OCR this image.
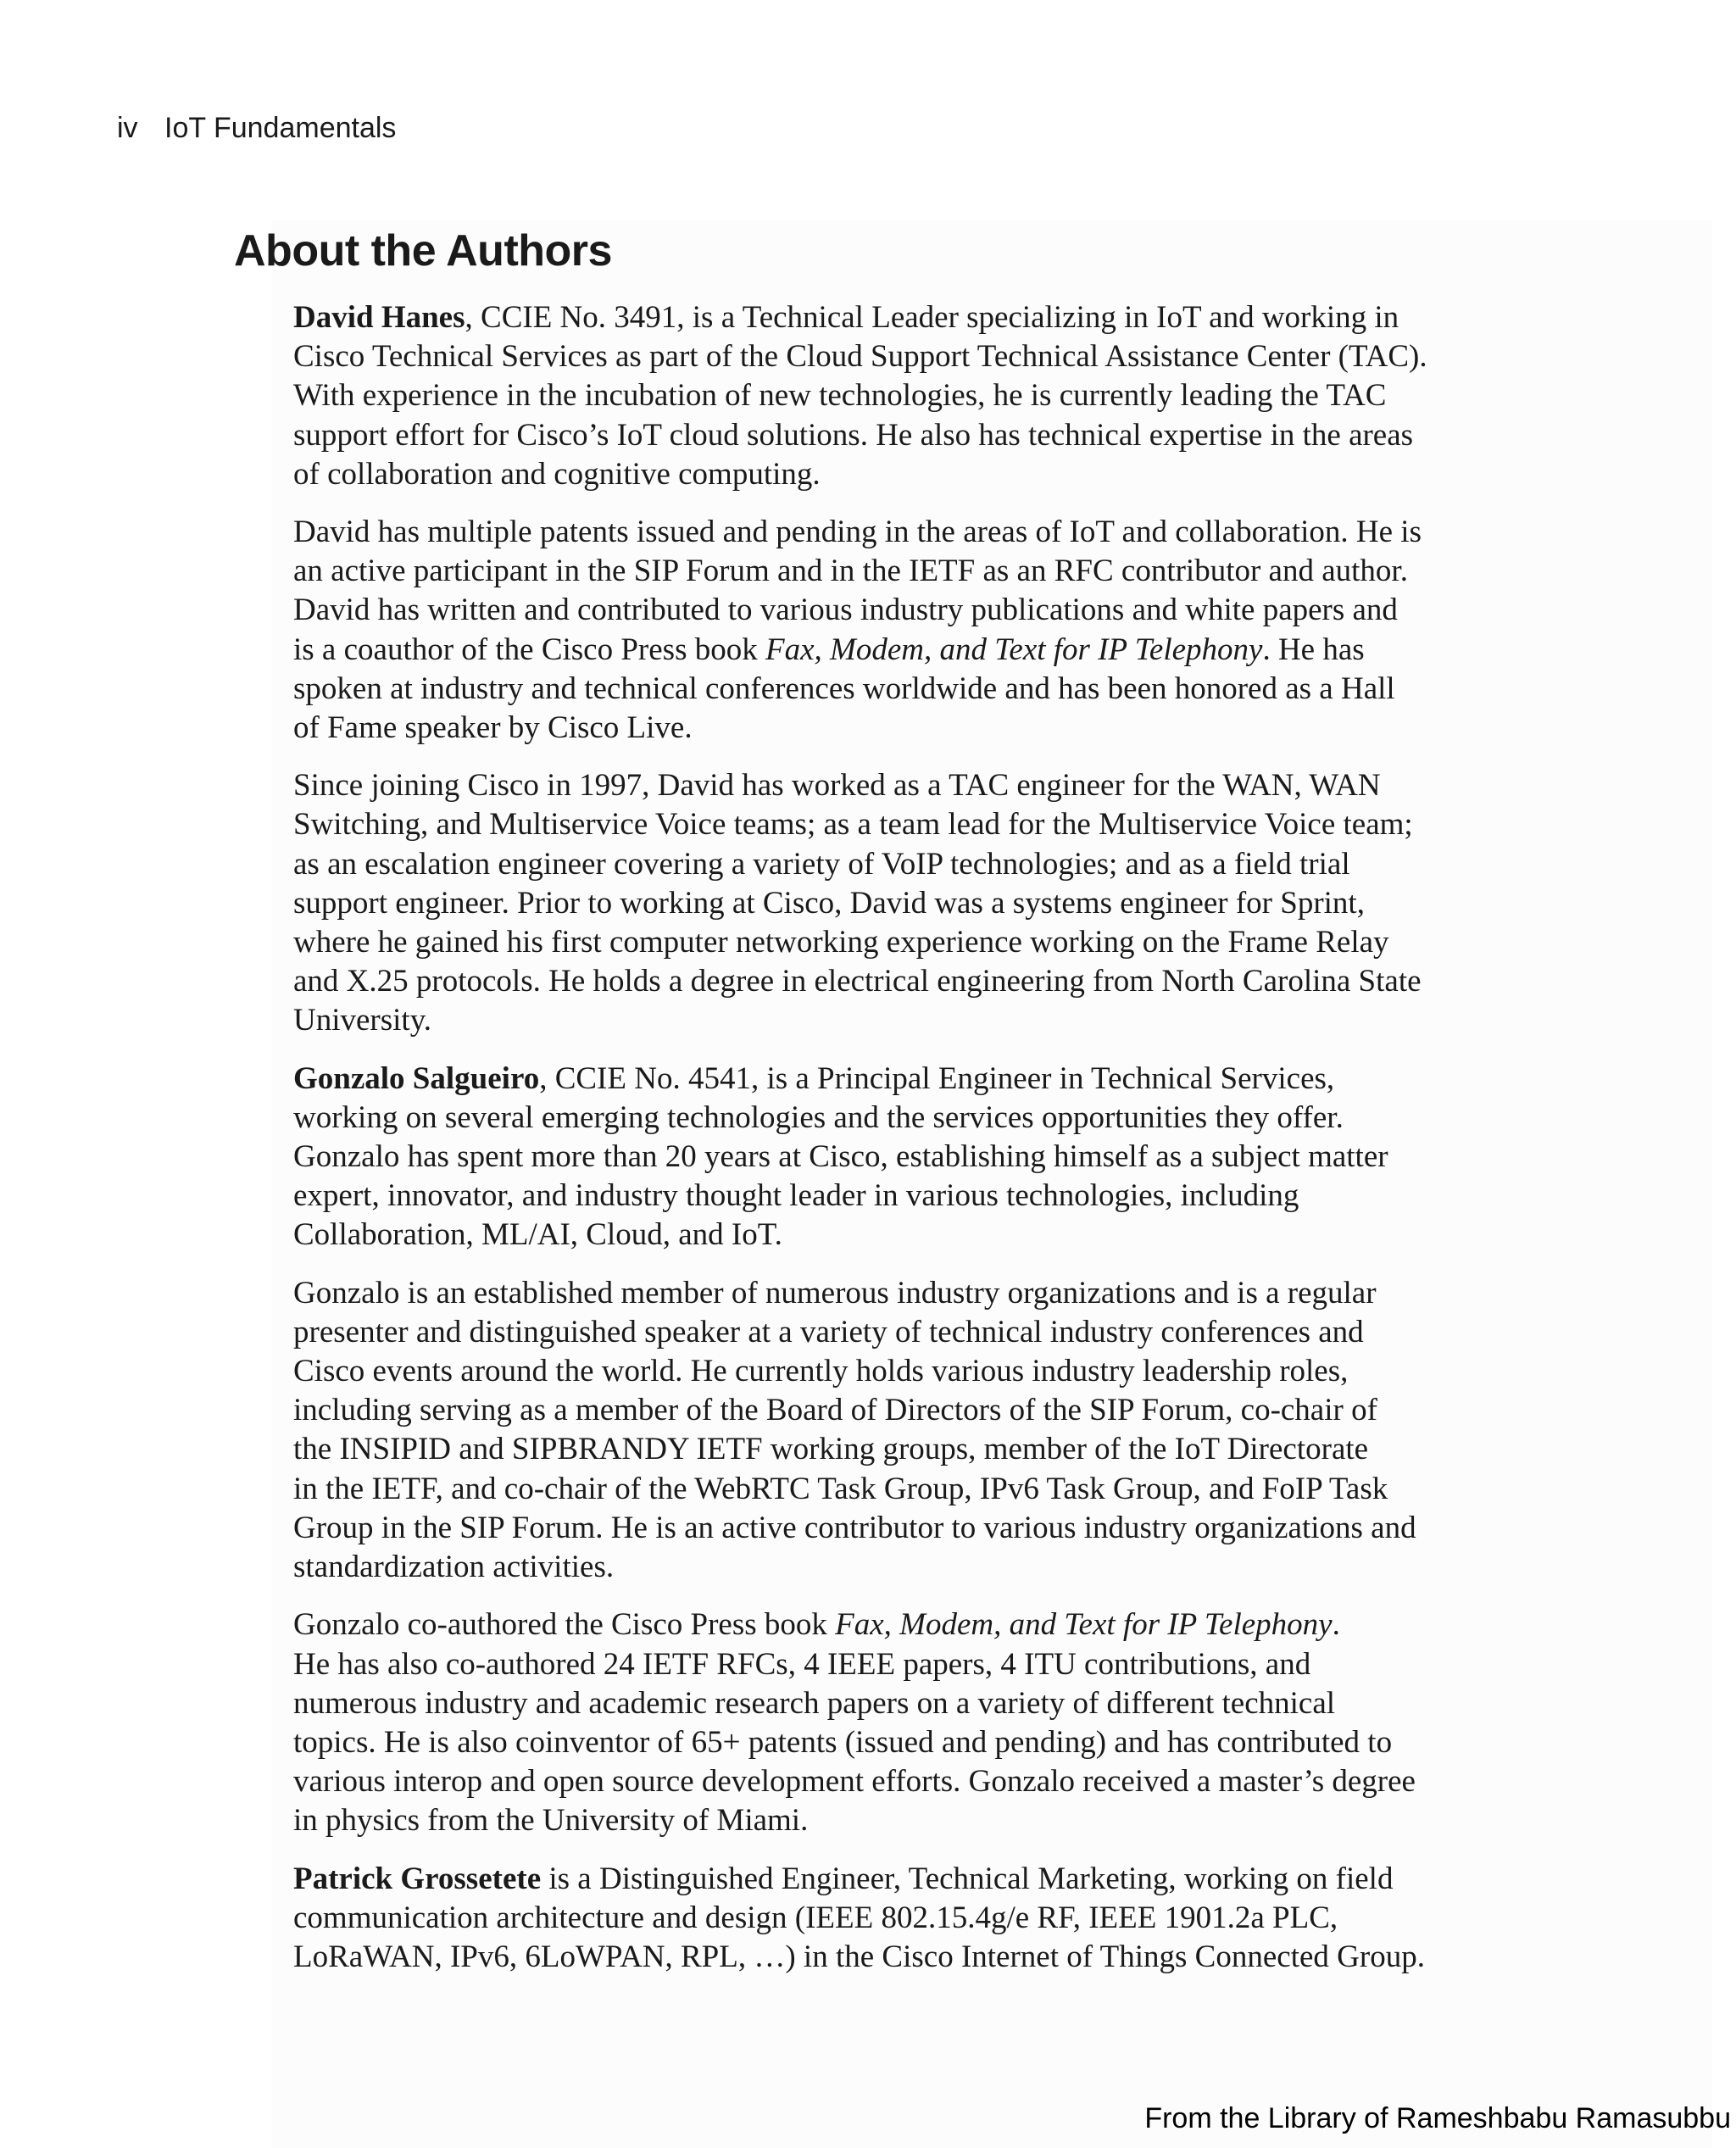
iv IoT Fundamentals
About the Authors
David Hanes, CCIE No. 3491, is a Technical Leader specializing in IoT and working in
Cisco Technical Services as part of the Cloud Support Technical Assistance Center (TAC).
With experience in the incubation of new technologies, he is currently leading the TAC
support effort for Cisco’s IoT cloud solutions. He also has technical expertise in the areas
of collaboration and cognitive computing.
David has multiple patents issued and pending in the areas of IoT and collaboration. He is
an active participant in the SIP Forum and in the IETF as an RFC contributor and author.
David has written and contributed to various industry publications and white papers and
is a coauthor of the Cisco Press book Fax, Modem, and Text for IP Telephony. He has
spoken at industry and technical conferences worldwide and has been honored as a Hall
of Fame speaker by Cisco Live.
Since joining Cisco in 1997, David has worked as a TAC engineer for the WAN, WAN
Switching, and Multiservice Voice teams; as a team lead for the Multiservice Voice team;
as an escalation engineer covering a variety of VoIP technologies; and as a field trial
support engineer. Prior to working at Cisco, David was a systems engineer for Sprint,
where he gained his first computer networking experience working on the Frame Relay
and X.25 protocols. He holds a degree in electrical engineering from North Carolina State
University.
Gonzalo Salgueiro, CCIE No. 4541, is a Principal Engineer in Technical Services,
working on several emerging technologies and the services opportunities they offer.
Gonzalo has spent more than 20 years at Cisco, establishing himself as a subject matter
expert, innovator, and industry thought leader in various technologies, including
Collaboration, ML/AI, Cloud, and IoT.
Gonzalo is an established member of numerous industry organizations and is a regular
presenter and distinguished speaker at a variety of technical industry conferences and
Cisco events around the world. He currently holds various industry leadership roles,
including serving as a member of the Board of Directors of the SIP Forum, co-chair of
the INSIPID and SIPBRANDY IETF working groups, member of the IoT Directorate
in the IETF, and co-chair of the WebRTC Task Group, IPv6 Task Group, and FoIP Task
Group in the SIP Forum. He is an active contributor to various industry organizations and
standardization activities.
Gonzalo co-authored the Cisco Press book Fax, Modem, and Text for IP Telephony.
He has also co-authored 24 IETF RFCs, 4 IEEE papers, 4 ITU contributions, and
numerous industry and academic research papers on a variety of different technical
topics. He is also coinventor of 65+ patents (issued and pending) and has contributed to
various interop and open source development efforts. Gonzalo received a master’s degree
in physics from the University of Miami.
Patrick Grossetete is a Distinguished Engineer, Technical Marketing, working on field
communication architecture and design (IEEE 802.15.4g/e RF, IEEE 1901.2a PLC,
LoRaWAN, IPv6, 6LoWPAN, RPL, …) in the Cisco Internet of Things Connected Group.
From the Library of Rameshbabu Ramasubbu
